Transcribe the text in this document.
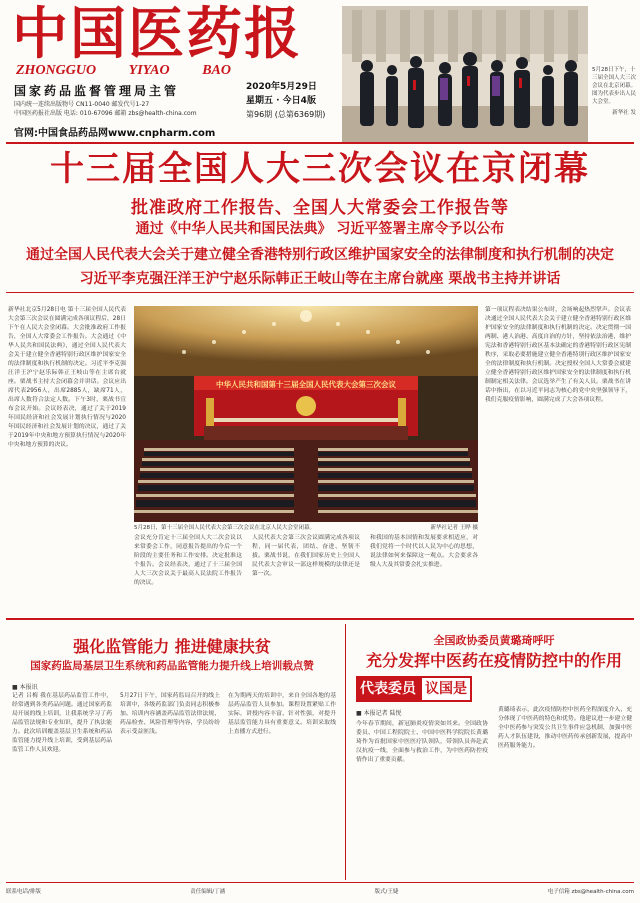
中国医药报
ZHONGGUO YIYAO BAO
国家药品监督管理局主管
国内统一连续出版物号 CN11-0040 邮发代号1-27
中国医药报社出版 电话: 010-67096 邮箱 zbs@health-china.com
官网:中国食品药品网www.cnpharm.com
2020年5月29日
星期五 · 今日4版
第96期 (总第6369期)
5月28日下午，十三届全国人大三次会议在北京闭幕。图为代表步出人民大会堂。
新华社 发
十三届全国人大三次会议在京闭幕
批准政府工作报告、全国人大常委会工作报告等
通过《中华人民共和国民法典》 习近平签署主席令予以公布
通过全国人民代表大会关于建立健全香港特别行政区维护国家安全的法律制度和执行机制的决定
习近平李克强汪洋王沪宁赵乐际韩正王岐山等在主席台就座 栗战书主持并讲话
新华社北京5月28日电 第十三届全国人民代表大会第三次会议在圆满完成各项议程后，28日下午在人民大会堂闭幕。大会批准政府工作报告，全国人大常委会工作报告。大会通过《中华人民共和国民法典》，通过全国人民代表大会关于建立健全香港特别行政区维护国家安全的法律制度和执行机制的决定。习近平李克强汪洋王沪宁赵乐际韩正王岐山等在主席台就座。栗战书主持大会闭幕会并讲话。会议应出席代表2956人，出席2885人，缺席71人，出席人数符合法定人数。下午3时，栗战书宣布会议开始。会议经表决，通过了关于2019年国民经济和社会发展计划执行情况与2020年国民经济和社会发展计划的决议，通过了关于2019年中央和地方预算执行情况与2020年中央和地方预算的决议。
中华人民共和国第十三届全国人民代表大会第三次会议
5月28日，第十三届全国人民代表大会第三次会议在北京人民大会堂闭幕。	新华社记者 王晔 摄
会议充分肯定十三届全国人大二次会议以来常委会工作，同意报告提出的今后一个阶段的主要任务和工作安排。决定批准这个报告。会议经表决，通过了十三届全国人大三次会议关于最高人民法院工作报告的决议。
人民代表大会第三次会议圆满完成各项议程，同一届代表，团结、奋进、坚韧不拔。栗战书说，在我们国家历史上全国人民代表大会审议一部这样规模的法律还是第一次。
和我国的基本国情和发展要求相适应，对我们党将一个时代以人民为中心的思想，说法律如何来保障这一观点。大会要求各级人大及其常委会扎实推进。
第一项议程表决结果公布时，会场响起热烈掌声。会议表决通过全国人民代表大会关于建立健全香港特别行政区维护国家安全的法律制度和执行机制的决定。决定贯彻一国两制、港人治港、高度自治的方针，坚持依法治港，维护宪法和香港特别行政区基本法确定的香港特别行政区宪制秩序，采取必要措施建立健全香港特别行政区维护国家安全的法律制度和执行机制。决定授权全国人大常委会就建立健全香港特别行政区维护国家安全的法律制度和执行机制制定相关法律。会议选举产生了有关人员。栗战书在讲话中指出，在以习近平同志为核心的党中央坚强领导下，我们克服疫情影响，圆满完成了大会各项议程。
强化监管能力 推进健康扶贫
国家药监局基层卫生系统和药品监管能力提升线上培训载点赞
■ 本报讯
记者 吕梅 我在基层药品监管工作中，经常遇到各类药品问题。通过国家药监局开展的线上培训，让我系统学习了药品监管法规和专业知识，提升了执法能力。此次培训覆盖基层卫生系统和药品监管能力提升线上培训，受到基层药品监管工作人员欢迎。
5月27日下午，国家药监局召开的线上培训中，各级药监部门负责同志积极参加。培训内容涵盖药品监管法律法规、药品检查、风险管理等内容，学员纷纷表示受益匪浅。
在为期两天的培训中，来自全国各地的基层药品监管人员参加。课程设置紧贴工作实际，讲授内容丰富、针对性强，对提升基层监管能力具有重要意义。培训采取线上直播方式进行。
全国政协委员黄璐琦呼吁
充分发挥中医药在疫情防控中的作用
代表委员 议国是
■ 本报记者 陆悦
今年春节期间，新冠肺炎疫情突如其来。全国政协委员、中国工程院院士、中国中医科学院院长黄璐琦作为首批国家中医医疗队领队，带领队员奔赴武汉抗疫一线，全面参与救治工作，为中医药防控疫情作出了重要贡献。
黄璐琦表示，此次疫情防控中医药全程深度介入，充分体现了中医药的特色和优势。他建议进一步建立健全中医药参与突发公共卫生事件应急机制，加强中医药人才队伍建设，推动中医药传承创新发展，提高中医药服务能力。
联系电话/排版	责任编辑/丁涵	版式/王婕	电子信箱 zbs@health-china.com
